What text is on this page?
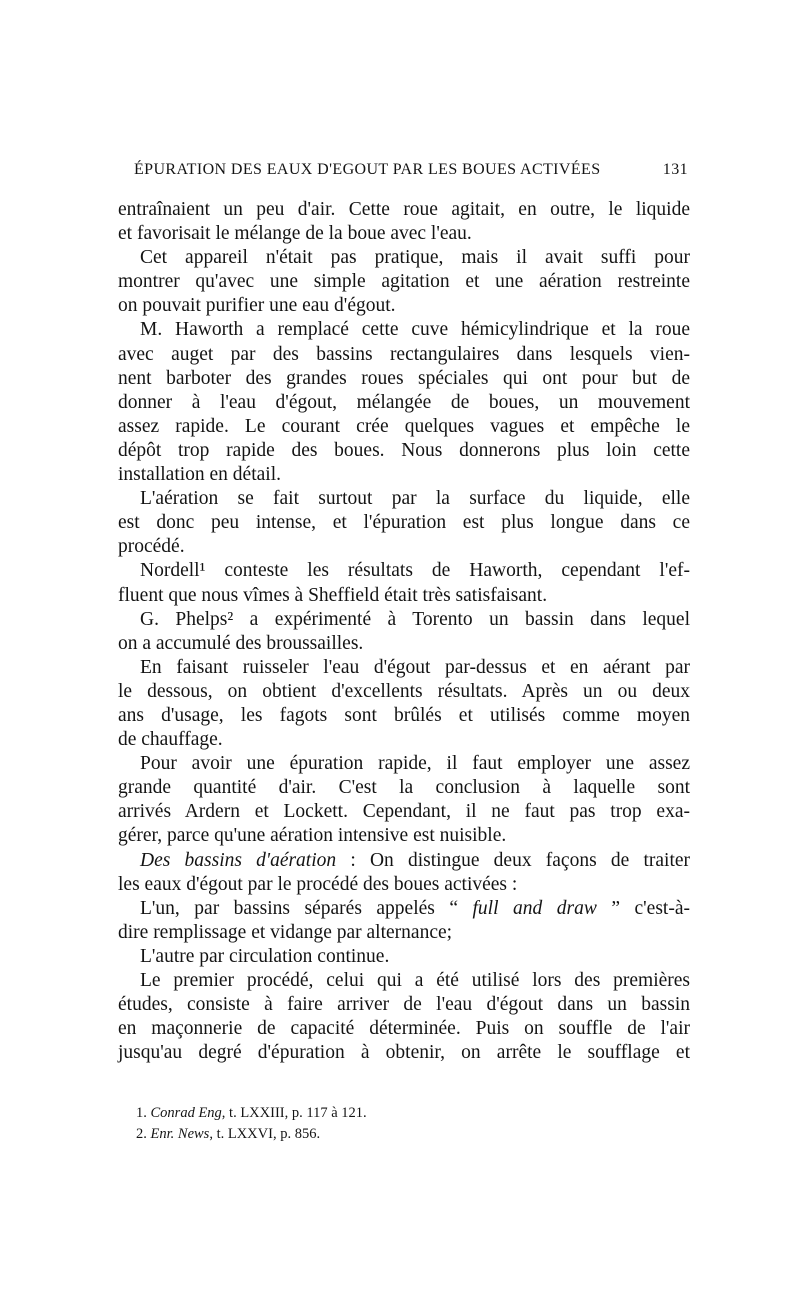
ÉPURATION DES EAUX D'EGOUT PAR LES BOUES ACTIVÉES	131
entraînaient un peu d'air. Cette roue agitait, en outre, le liquide
et favorisait le mélange de la boue avec l'eau.
Cet appareil n'était pas pratique, mais il avait suffi pour
montrer qu'avec une simple agitation et une aération restreinte
on pouvait purifier une eau d'égout.
M. Haworth a remplacé cette cuve hémicylindrique et la roue
avec auget par des bassins rectangulaires dans lesquels vien-
nent barboter des grandes roues spéciales qui ont pour but de
donner à l'eau d'égout, mélangée de boues, un mouvement
assez rapide. Le courant crée quelques vagues et empêche le
dépôt trop rapide des boues. Nous donnerons plus loin cette
installation en détail.
L'aération se fait surtout par la surface du liquide, elle
est donc peu intense, et l'épuration est plus longue dans ce
procédé.
Nordell¹ conteste les résultats de Haworth, cependant l'ef-
fluent que nous vîmes à Sheffield était très satisfaisant.
G. Phelps² a expérimenté à Torento un bassin dans lequel
on a accumulé des broussailles.
En faisant ruisseler l'eau d'égout par-dessus et en aérant par
le dessous, on obtient d'excellents résultats. Après un ou deux
ans d'usage, les fagots sont brûlés et utilisés comme moyen
de chauffage.
Pour avoir une épuration rapide, il faut employer une assez
grande quantité d'air. C'est la conclusion à laquelle sont
arrivés Ardern et Lockett. Cependant, il ne faut pas trop exa-
gérer, parce qu'une aération intensive est nuisible.
Des bassins d'aération : On distingue deux façons de traiter
les eaux d'égout par le procédé des boues activées :
L'un, par bassins séparés appelés “ full and draw ” c'est-à-
dire remplissage et vidange par alternance;
L'autre par circulation continue.
Le premier procédé, celui qui a été utilisé lors des premières
études, consiste à faire arriver de l'eau d'égout dans un bassin
en maçonnerie de capacité déterminée. Puis on souffle de l'air
jusqu'au degré d'épuration à obtenir, on arrête le soufflage et
1. Conrad Eng, t. LXXIII, p. 117 à 121.
2. Enr. News, t. LXXVI, p. 856.
